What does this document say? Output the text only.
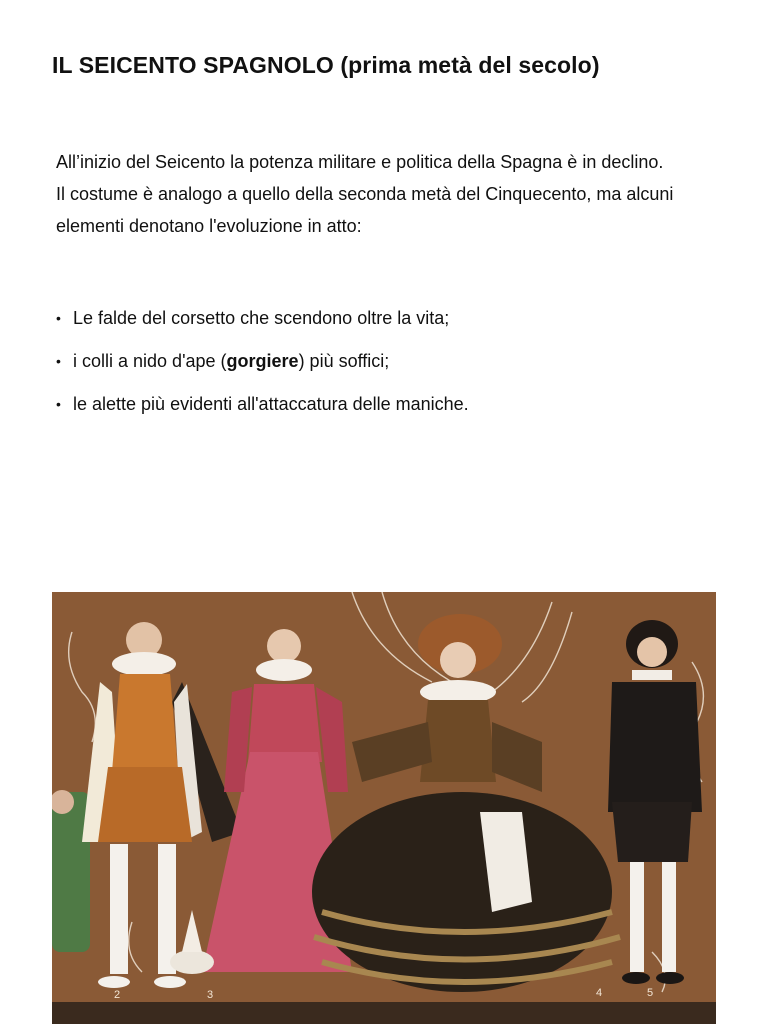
IL SEICENTO SPAGNOLO (prima metà del secolo)

All’inizio del Seicento la potenza militare e politica della Spagna è in declino.

Il costume è analogo a quello della seconda metà del Cinquecento, ma alcuni elementi denotano l'evoluzione in atto:

• Le falde del corsetto che scendono oltre la vita;
• i colli a nido d'ape (gorgiere) più soffici;
• le alette più evidenti all'attaccatura delle maniche.
2	3	4	5
